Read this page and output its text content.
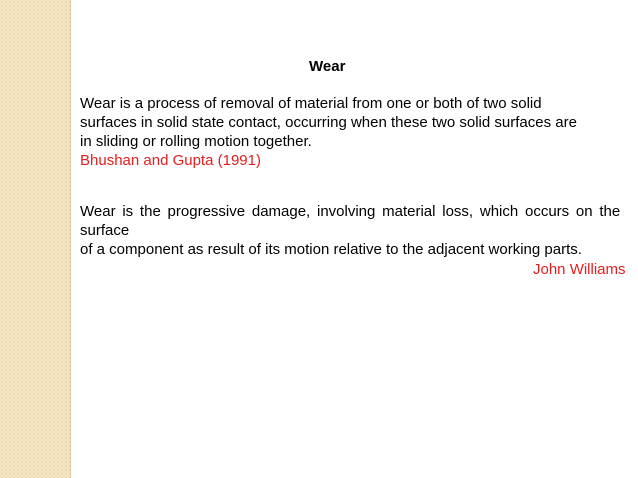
Wear

Wear is a process of removal of material from one or both of two solid
surfaces in solid state contact, occurring when these two solid surfaces are
in sliding or rolling motion together.
Bhushan and Gupta (1991)

Wear is the progressive damage, involving material loss, which occurs on the
surface
of a component as result of its motion relative to the adjacent working parts.

John Williams
